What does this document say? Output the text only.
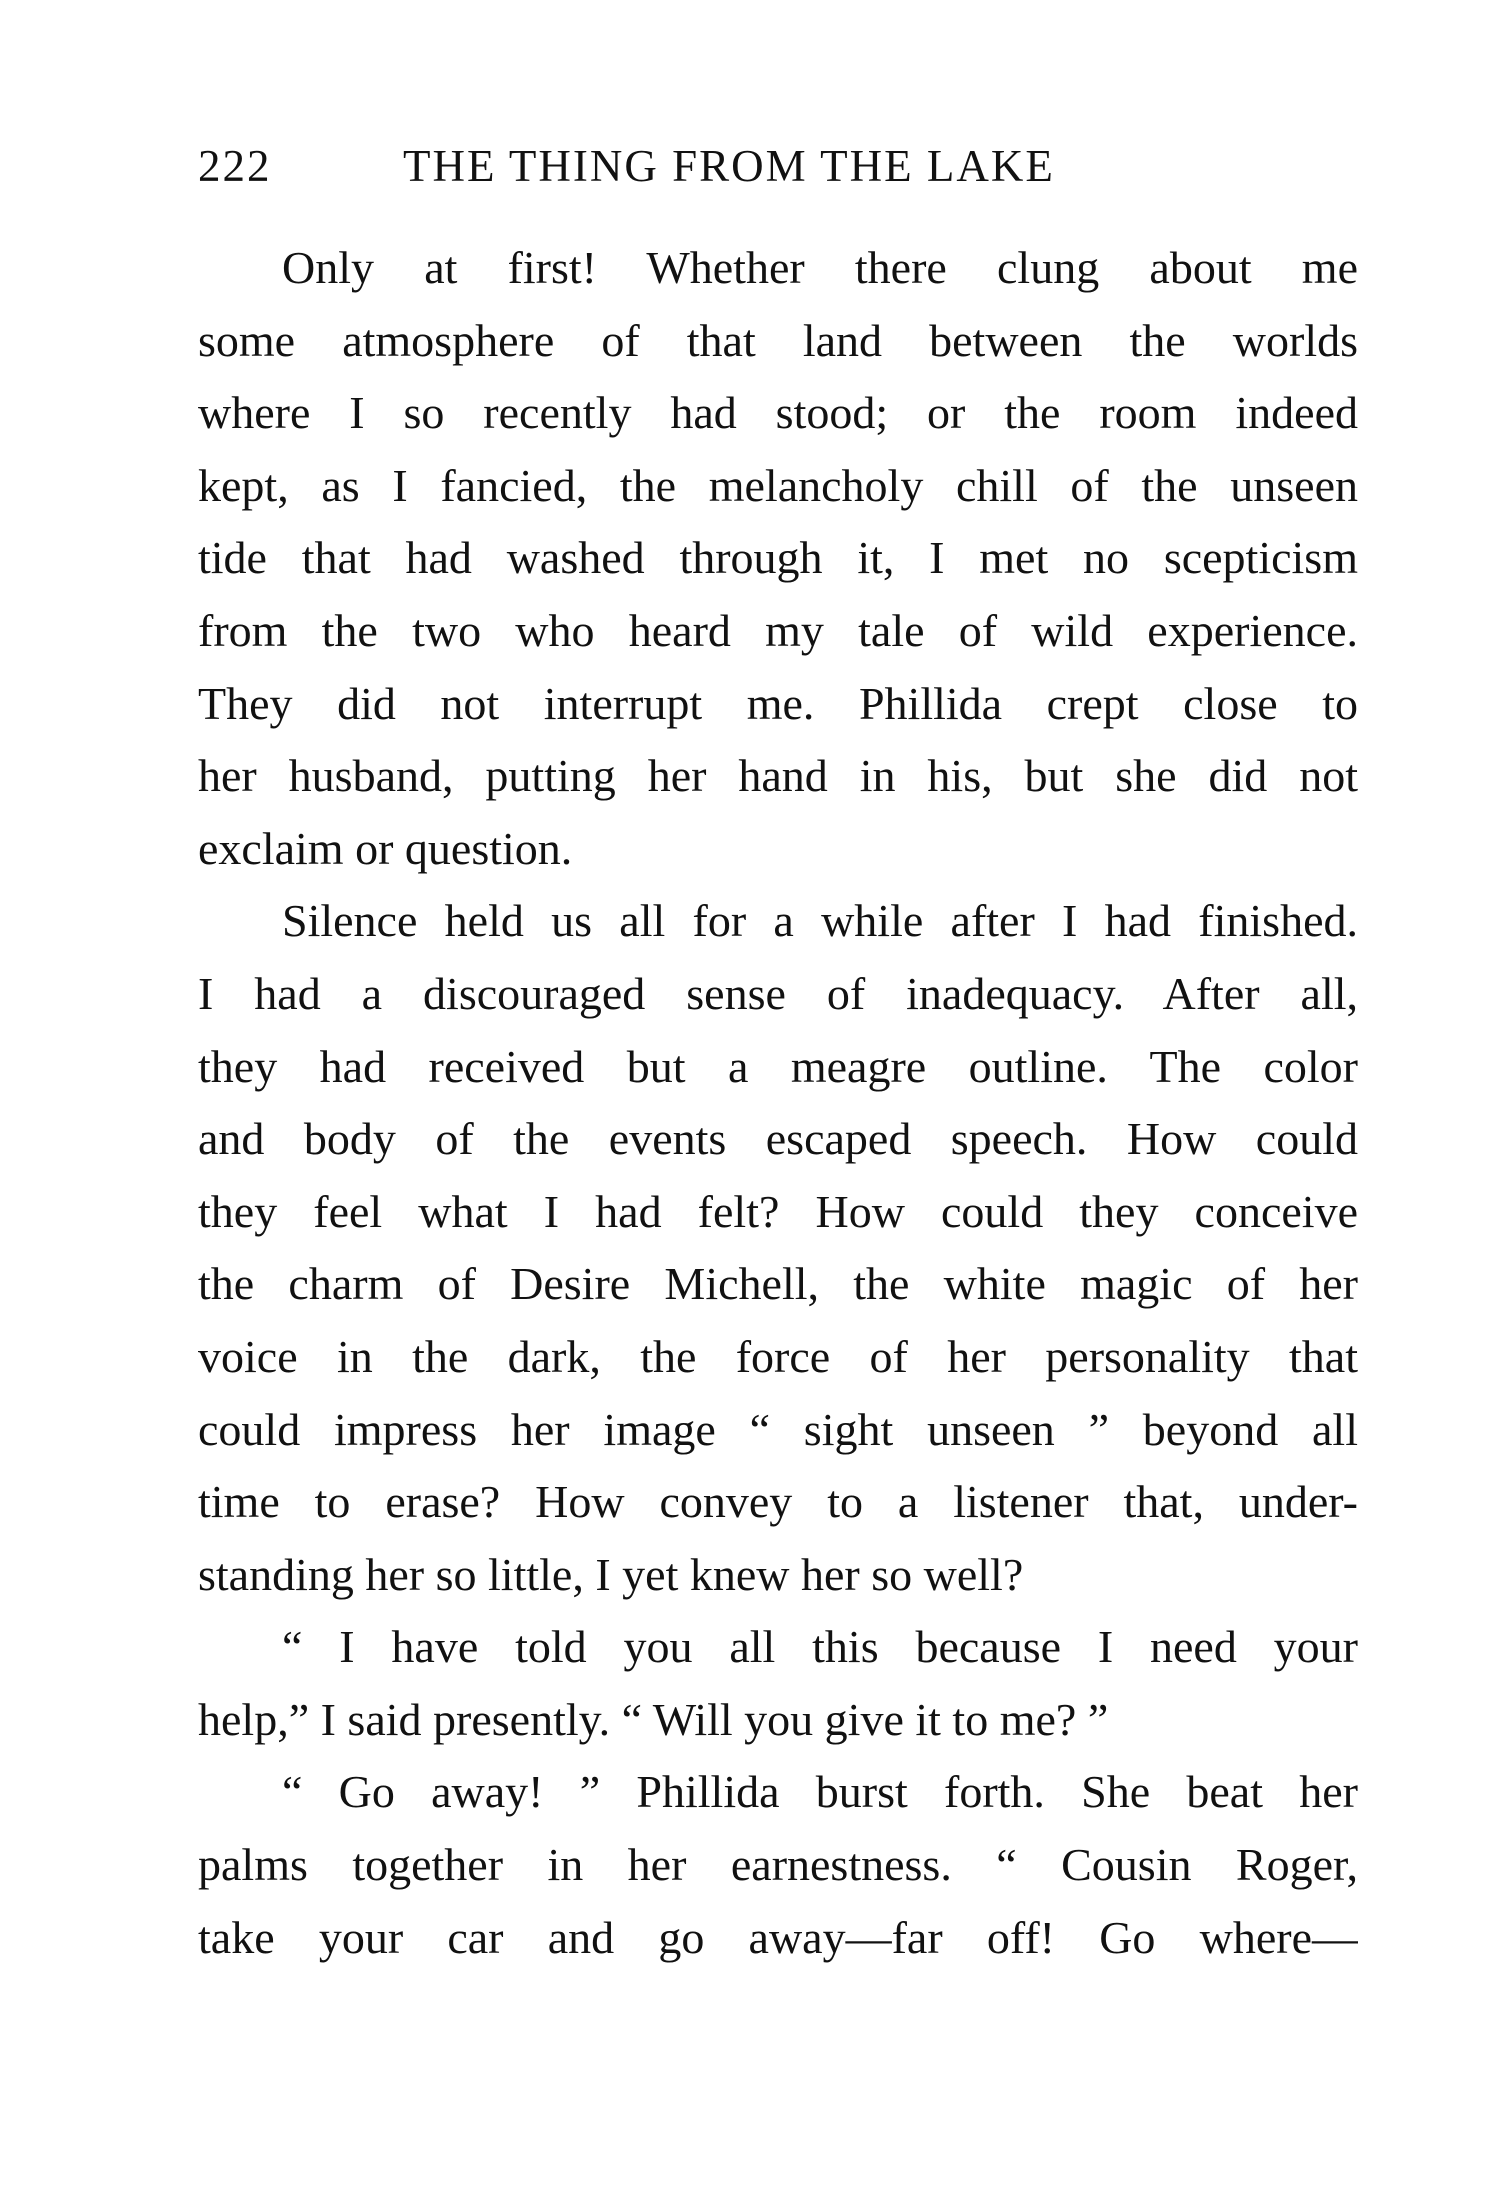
222	THE THING FROM THE LAKE
Only at first! Whether there clung about me
some atmosphere of that land between the worlds
where I so recently had stood; or the room indeed
kept, as I fancied, the melancholy chill of the unseen
tide that had washed through it, I met no scepticism
from the two who heard my tale of wild experience.
They did not interrupt me. Phillida crept close to
her husband, putting her hand in his, but she did not
exclaim or question.
Silence held us all for a while after I had finished.
I had a discouraged sense of inadequacy. After all,
they had received but a meagre outline. The color
and body of the events escaped speech. How could
they feel what I had felt? How could they conceive
the charm of Desire Michell, the white magic of her
voice in the dark, the force of her personality that
could impress her image “ sight unseen ” beyond all
time to erase? How convey to a listener that, under-
standing her so little, I yet knew her so well?
“ I have told you all this because I need your
help,” I said presently. “ Will you give it to me? ”
“ Go away! ” Phillida burst forth. She beat her
palms together in her earnestness. “ Cousin Roger,
take your car and go away—far off! Go where—
